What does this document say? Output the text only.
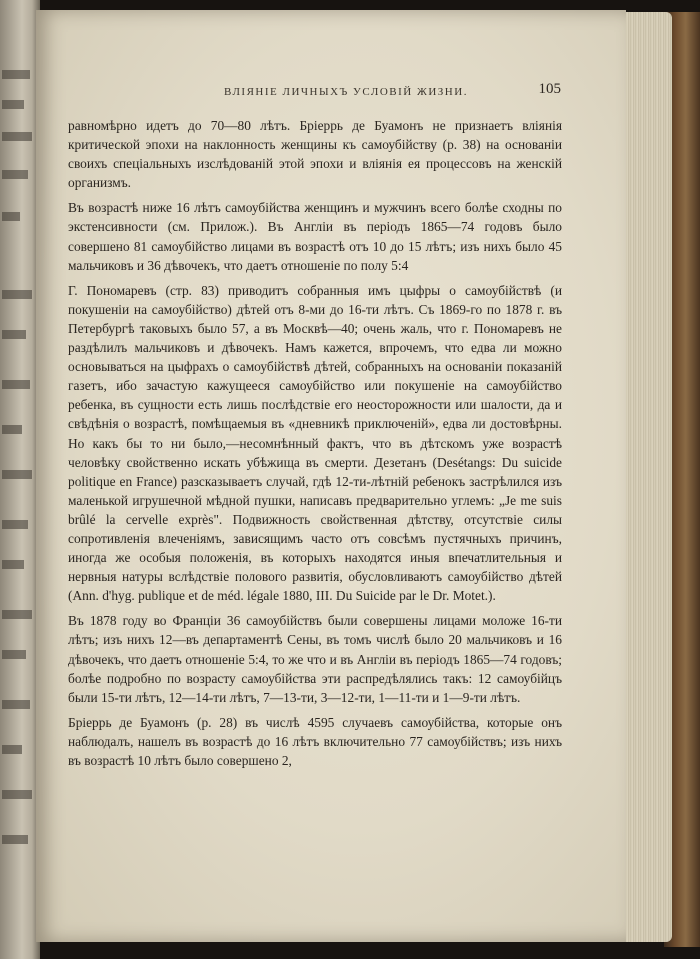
ВЛІЯНІЕ ЛИЧНЫХЪ УСЛОВІЙ ЖИЗНИ.	105

равномѣрно идетъ до 70—80 лѣтъ. Брiеррь де Буамонъ не признаетъ вліянія критической эпохи на наклонность женщины къ самоубійству (р. 38) на основаніи своихъ спеціальныхъ изслѣдованій этой эпохи и вліянія ея процессовъ на женскій организмъ.

Въ возрастѣ ниже 16 лѣтъ самоубійства женщинъ и мужчинъ всего болѣе сходны по экстенсивности (см. Прилож.). Въ Англіи въ періодъ 1865—74 годовъ было совершено 81 самоубійство лицами въ возрастѣ отъ 10 до 15 лѣтъ; изъ нихъ было 45 мальчиковъ и 36 дѣвочекъ, что даетъ отношеніе по полу 5:4

Г. Пономаревъ (стр. 83) приводитъ собранныя имъ цыфры о самоубійствѣ (и покушеніи на самоубійство) дѣтей отъ 8-ми до 16-ти лѣтъ. Съ 1869-го по 1878 г. въ Петербургѣ таковыхъ было 57, а въ Москвѣ—40; очень жаль, что г. Пономаревъ не раздѣлилъ мальчиковъ и дѣвочекъ. Намъ кажется, впрочемъ, что едва ли можно основываться на цыфрахъ о самоубійствѣ дѣтей, собранныхъ на основаніи показаній газетъ, ибо зачастую кажущееся самоубійство или покушеніе на самоубійство ребенка, въ сущности есть лишь послѣдствіе его неосторожности или шалости, да и свѣдѣнія о возрастѣ, помѣщаемыя въ «дневникѣ приключеній», едва ли достовѣрны. Но какъ бы то ни было,—несомнѣнный фактъ, что въ дѣтскомъ уже возрастѣ человѣку свойственно искать убѣжища въ смерти. Дезетанъ (Desétangs: Du suicide politique en France) разсказываетъ случай, гдѣ 12-ти-лѣтній ребенокъ застрѣлился изъ маленькой игрушечной мѣдной пушки, написавъ предварительно углемъ: „Je me suis brûlé la cervelle exprès". Подвижность свойственная дѣтству, отсутствіе силы сопротивленія влеченіямъ, зависящимъ часто отъ совсѣмъ пустячныхъ причинъ, иногда же особыя положенія, въ которыхъ находятся иныя впечатлительныя и нервныя натуры вслѣдствіе полового развитія, обусловливаютъ самоубійство дѣтей (Ann. d'hyg. publique et de méd. légale 1880, III. Du Suicide par le Dr. Motet.).

Въ 1878 году во Франціи 36 самоубійствъ были совершены лицами моложе 16-ти лѣтъ; изъ нихъ 12—въ департаментѣ Сены, въ томъ числѣ было 20 мальчиковъ и 16 дѣвочекъ, что даетъ отношеніе 5:4, то же что и въ Англіи въ періодъ 1865—74 годовъ; болѣе подробно по возрасту самоубійства эти распредѣлялись такъ: 12 самоубійцъ были 15-ти лѣтъ, 12—14-ти лѣтъ, 7—13-ти, 3—12-ти, 1—11-ти и 1—9-ти лѣтъ.

Брiеррь де Буамонъ (р. 28) въ числѣ 4595 случаевъ самоубійства, которые онъ наблюдалъ, нашелъ въ возрастѣ до 16 лѣтъ включительно 77 самоубійствъ; изъ нихъ въ возрастѣ 10 лѣтъ было совершено 2,
